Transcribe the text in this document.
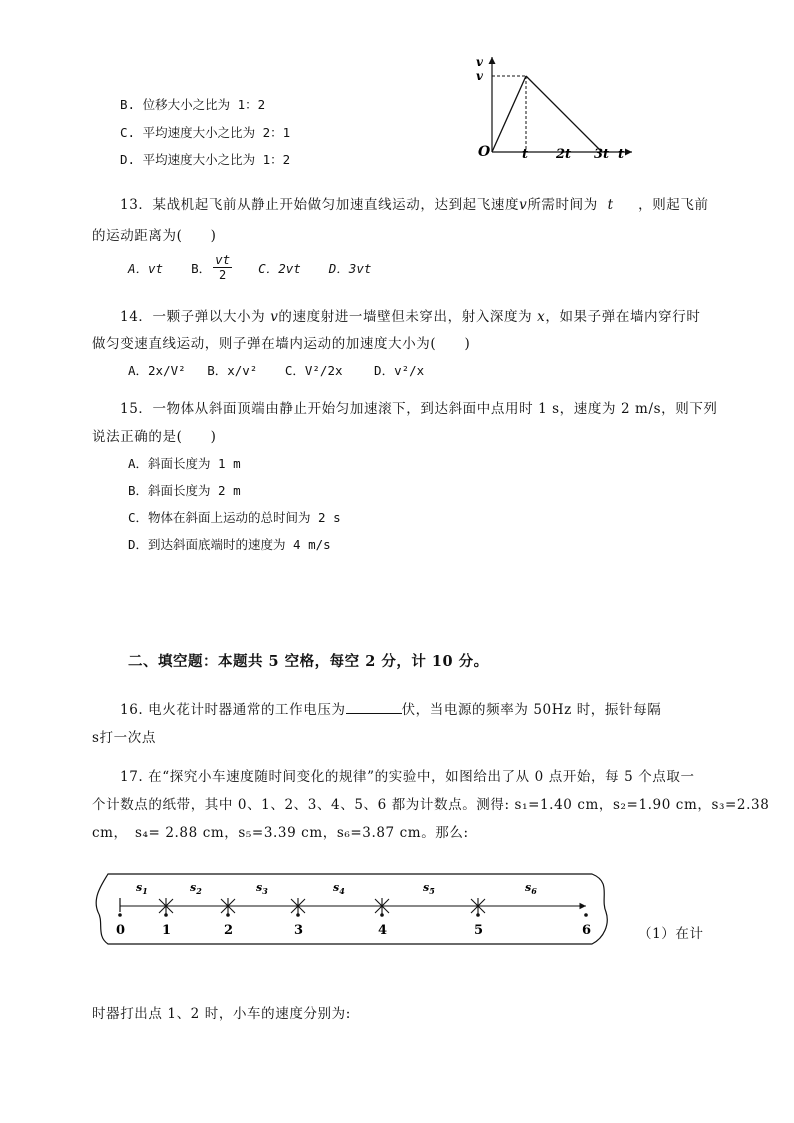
B. 位移大小之比为 1：2
C. 平均速度大小之比为 2：1
D. 平均速度大小之比为 1：2
v
v
O t 2t 3t t
13．某战机起飞前从静止开始做匀加速直线运动，达到起飞速度v所需时间为 t ，则起飞前
的运动距离为(　　)
A．vt B． $\frac{vt}{2}$ C．2vt D．3vt
14．一颗子弹以大小为 v的速度射进一墙壁但未穿出，射入深度为 x，如果子弹在墙内穿行时
做匀变速直线运动，则子弹在墙内运动的加速度大小为(　　)
A．2x/V² B．x/v² C．V²/2x	D．v²/x
15．一物体从斜面顶端由静止开始匀加速滚下，到达斜面中点用时 1 s，速度为 2 m/s，则下列
说法正确的是(　　)
A．斜面长度为 1 m
B．斜面长度为 2 m
C．物体在斜面上运动的总时间为 2 s
D．到达斜面底端时的速度为 4 m/s
二、填空题：本题共 5 空格，每空 2 分，计 10 分。
16. 电火花计时器通常的工作电压为	伏，当电源的频率为 50Hz 时，振针每隔
s打一次点
17. 在“探究小车速度随时间变化的规律”的实验中，如图给出了从 0 点开始，每 5 个点取一
个计数点的纸带，其中 0、1、2、3、4、5、6 都为计数点。测得: s₁=1.40 cm，s₂=1.90 cm，s₃=2.38
cm，　s₄= 2.88 cm，s₅=3.39 cm，s₆=3.87 cm。那么:
0	1	2	3	4	5	6
$s_1$	$s_2$	$s_3$	$s_4$	$s_5$	$s_6$
（1）在计
时器打出点 1、2 时，小车的速度分别为:
